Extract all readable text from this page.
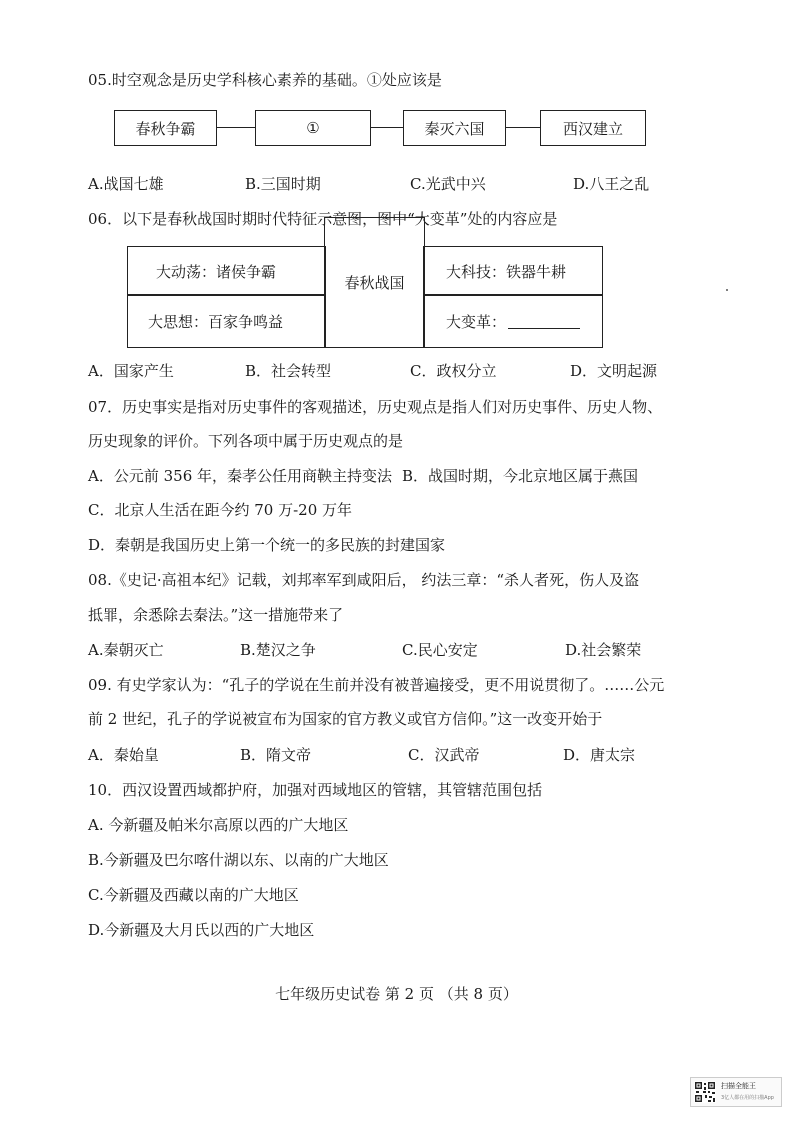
05.时空观念是历史学科核心素养的基础。①处应该是
春秋争霸	①	秦灭六国	西汉建立
A.战国七雄	B.三国时期	C.光武中兴	D.八王之乱
06．以下是春秋战国时期时代特征示意图，图中“大变革”处的内容应是
大动荡：诸侯争霸
大思想：百家争鸣益
春秋战国
大科技：铁器牛耕
大变革：
A．国家产生	B．社会转型	C．政权分立	D．文明起源
07．历史事实是指对历史事件的客观描述，历史观点是指人们对历史事件、历史人物、
历史现象的评价。下列各项中属于历史观点的是
A．公元前 356 年，秦孝公任用商鞅主持变法 B．战国时期，今北京地区属于燕国
C．北京人生活在距今约 70 万-20 万年
D．秦朝是我国历史上第一个统一的多民族的封建国家
08.《史记·高祖本纪》记载，刘邦率军到咸阳后， 约法三章：“杀人者死，伤人及盗
抵罪，余悉除去秦法。”这一措施带来了
A.秦朝灭亡	B.楚汉之争	C.民心安定	D.社会繁荣
09. 有史学家认为：“孔子的学说在生前并没有被普遍接受，更不用说贯彻了。……公元
前 2 世纪，孔子的学说被宣布为国家的官方教义或官方信仰。”这一改变开始于
A．秦始皇	B．隋文帝	C．汉武帝	D．唐太宗
10．西汉设置西域都护府，加强对西域地区的管辖，其管辖范围包括
A. 今新疆及帕米尔高原以西的广大地区
B.今新疆及巴尔喀什湖以东、以南的广大地区
C.今新疆及西藏以南的广大地区
D.今新疆及大月氏以西的广大地区
七年级历史试卷 第 2 页 （共 8 页）
扫描全能王
3亿人都在用的扫描App
